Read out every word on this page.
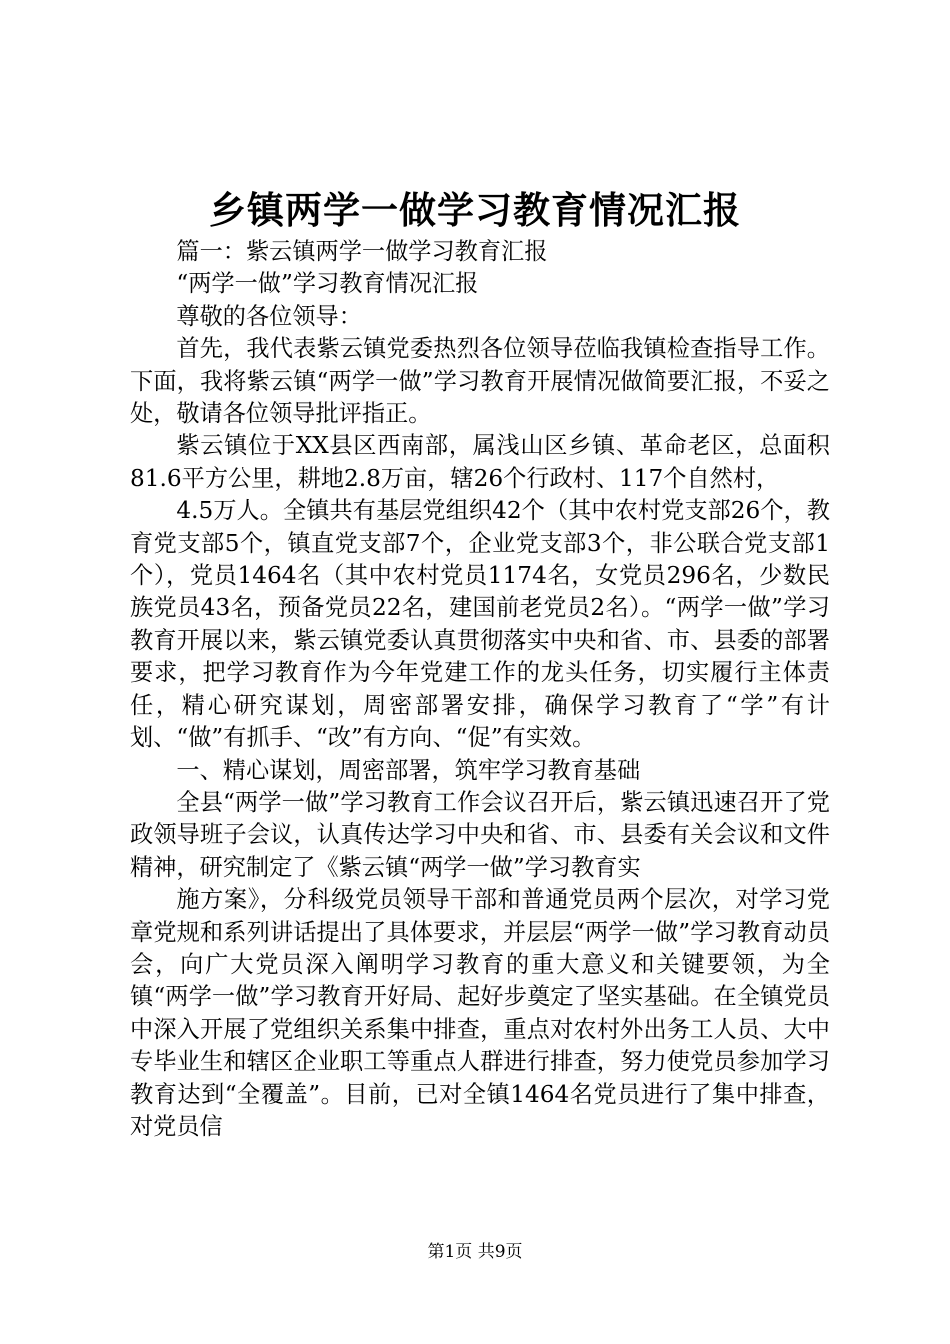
乡镇两学一做学习教育情况汇报

篇一：紫云镇两学一做学习教育汇报

“两学一做”学习教育情况汇报

尊敬的各位领导：

首先，我代表紫云镇党委热烈各位领导莅临我镇检查指导工作。下面，我将紫云镇“两学一做”学习教育开展情况做简要汇报，不妥之处，敬请各位领导批评指正。

紫云镇位于XX县区西南部，属浅山区乡镇、革命老区，总面积81.6平方公里，耕地2.8万亩，辖26个行政村、117个自然村，

4.5万人。全镇共有基层党组织42个（其中农村党支部26个，教育党支部5个，镇直党支部7个，企业党支部3个，非公联合党支部1个），党员1464名（其中农村党员1174名，女党员296名，少数民族党员43名，预备党员22名，建国前老党员2名）。“两学一做”学习教育开展以来，紫云镇党委认真贯彻落实中央和省、市、县委的部署要求，把学习教育作为今年党建工作的龙头任务，切实履行主体责任，精心研究谋划，周密部署安排，确保学习教育了“学”有计划、“做”有抓手、“改”有方向、“促”有实效。

一、精心谋划，周密部署，筑牢学习教育基础

全县“两学一做”学习教育工作会议召开后，紫云镇迅速召开了党政领导班子会议，认真传达学习中央和省、市、县委有关会议和文件精神，研究制定了《紫云镇“两学一做”学习教育实

施方案》，分科级党员领导干部和普通党员两个层次，对学习党章党规和系列讲话提出了具体要求，并层层“两学一做”学习教育动员会，向广大党员深入阐明学习教育的重大意义和关键要领，为全镇“两学一做”学习教育开好局、起好步奠定了坚实基础。在全镇党员中深入开展了党组织关系集中排查，重点对农村外出务工人员、大中专毕业生和辖区企业职工等重点人群进行排查，努力使党员参加学习教育达到“全覆盖”。目前，已对全镇1464名党员进行了集中排查，对党员信

第1页 共9页
